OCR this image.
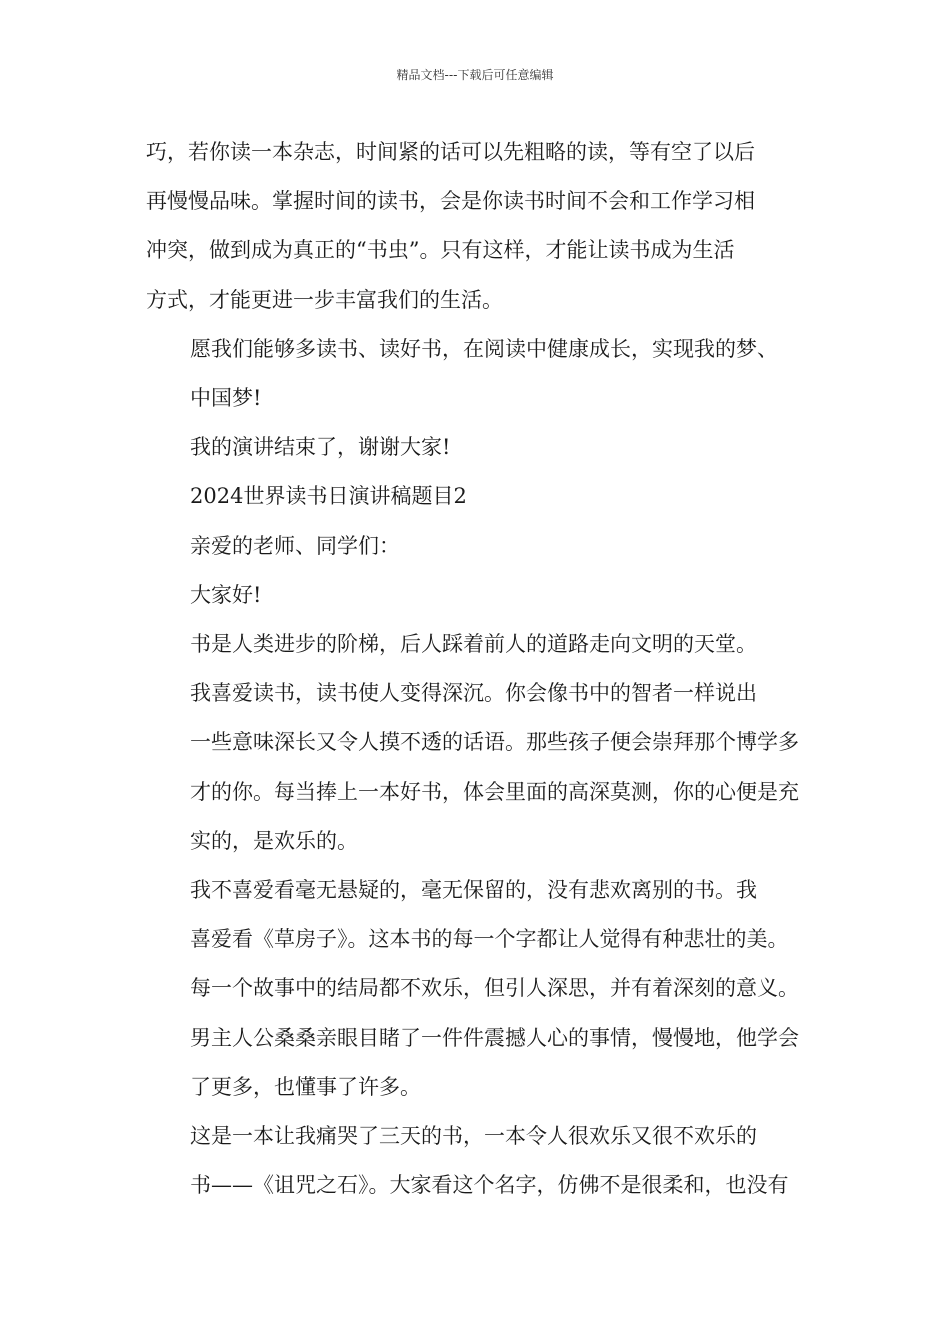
精品文档---下载后可任意编辑
巧，若你读一本杂志，时间紧的话可以先粗略的读，等有空了以后
再慢慢品味。掌握时间的读书，会是你读书时间不会和工作学习相
冲突，做到成为真正的“书虫”。只有这样，才能让读书成为生活
方式，才能更进一步丰富我们的生活。
愿我们能够多读书、读好书，在阅读中健康成长，实现我的梦、
中国梦!
我的演讲结束了，谢谢大家!
2024世界读书日演讲稿题目2
亲爱的老师、同学们：
大家好!
书是人类进步的阶梯，后人踩着前人的道路走向文明的天堂。
我喜爱读书，读书使人变得深沉。你会像书中的智者一样说出
一些意味深长又令人摸不透的话语。那些孩子便会崇拜那个博学多
才的你。每当捧上一本好书，体会里面的高深莫测，你的心便是充
实的，是欢乐的。
我不喜爱看毫无悬疑的，毫无保留的，没有悲欢离别的书。我
喜爱看《草房子》。这本书的每一个字都让人觉得有种悲壮的美。
每一个故事中的结局都不欢乐，但引人深思，并有着深刻的意义。
男主人公桑桑亲眼目睹了一件件震撼人心的事情，慢慢地，他学会
了更多，也懂事了许多。
这是一本让我痛哭了三天的书，一本令人很欢乐又很不欢乐的
书——《诅咒之石》。大家看这个名字，仿佛不是很柔和，也没有
